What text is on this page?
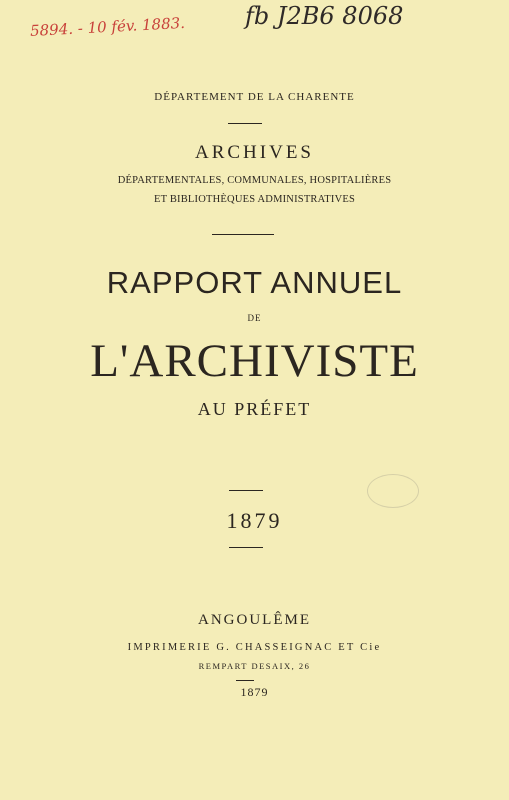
5894. - 10 fév. 1883. fb J2B6 8068
DÉPARTEMENT DE LA CHARENTE
ARCHIVES
DÉPARTEMENTALES, COMMUNALES, HOSPITALIÈRES
ET BIBLIOTHÈQUES ADMINISTRATIVES
RAPPORT ANNUEL
DE
L'ARCHIVISTE
AU PRÉFET
1879
ANGOULÊME
IMPRIMERIE G. CHASSEIGNAC ET Cie
REMPART DESAIX, 26
1879
